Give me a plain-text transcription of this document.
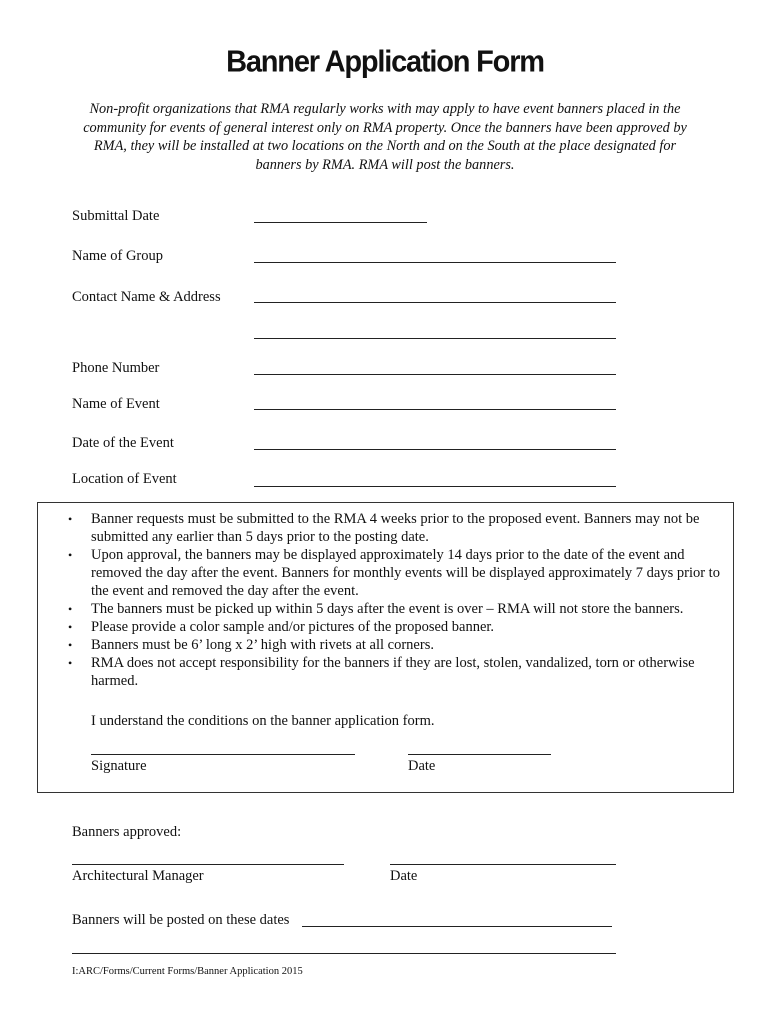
Banner Application Form
Non-profit organizations that RMA regularly works with may apply to have event banners placed in the community for events of general interest only on RMA property. Once the banners have been approved by RMA, they will be installed at two locations on the North and on the South at the place designated for banners by RMA. RMA will post the banners.
Submittal Date
Name of Group
Contact Name & Address
Phone Number
Name of Event
Date of the Event
Location of Event
• Banner requests must be submitted to the RMA 4 weeks prior to the proposed event. Banners may not be submitted any earlier than 5 days prior to the posting date.
• Upon approval, the banners may be displayed approximately 14 days prior to the date of the event and removed the day after the event. Banners for monthly events will be displayed approximately 7 days prior to the event and removed the day after the event.
• The banners must be picked up within 5 days after the event is over – RMA will not store the banners.
• Please provide a color sample and/or pictures of the proposed banner.
• Banners must be 6’ long x 2’ high with rivets at all corners.
• RMA does not accept responsibility for the banners if they are lost, stolen, vandalized, torn or otherwise harmed.
I understand the conditions on the banner application form.
Signature	Date
Banners approved:
Architectural Manager	Date
Banners will be posted on these dates
I:ARC/Forms/Current Forms/Banner Application 2015
